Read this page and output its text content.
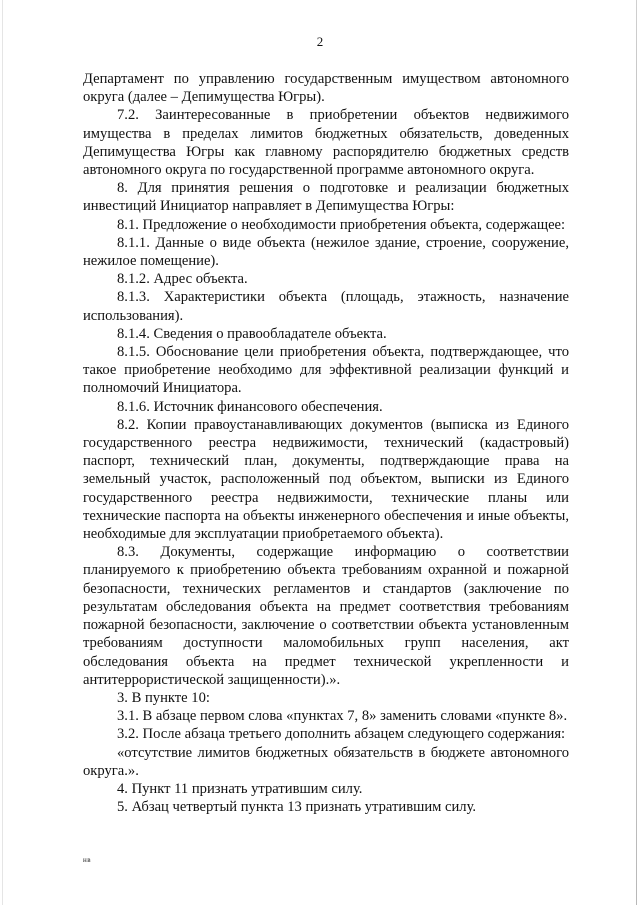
2

Департамент по управлению государственным имуществом автономного округа (далее – Депимущества Югры).

7.2. Заинтересованные в приобретении объектов недвижимого имущества в пределах лимитов бюджетных обязательств, доведенных Депимущества Югры как главному распорядителю бюджетных средств автономного округа по государственной программе автономного округа.

8. Для принятия решения о подготовке и реализации бюджетных инвестиций Инициатор направляет в Депимущества Югры:

8.1. Предложение о необходимости приобретения объекта, содержащее:

8.1.1. Данные о виде объекта (нежилое здание, строение, сооружение, нежилое помещение).

8.1.2. Адрес объекта.

8.1.3. Характеристики объекта (площадь, этажность, назначение использования).

8.1.4. Сведения о правообладателе объекта.

8.1.5. Обоснование цели приобретения объекта, подтверждающее, что такое приобретение необходимо для эффективной реализации функций и полномочий Инициатора.

8.1.6. Источник финансового обеспечения.

8.2. Копии правоустанавливающих документов (выписка из Единого государственного реестра недвижимости, технический (кадастровый) паспорт, технический план, документы, подтверждающие права на земельный участок, расположенный под объектом, выписки из Единого государственного реестра недвижимости, технические планы или технические паспорта на объекты инженерного обеспечения и иные объекты, необходимые для эксплуатации приобретаемого объекта).

8.3. Документы, содержащие информацию о соответствии планируемого к приобретению объекта требованиям охранной и пожарной безопасности, технических регламентов и стандартов (заключение по результатам обследования объекта на предмет соответствия требованиям пожарной безопасности, заключение о соответствии объекта установленным требованиям доступности маломобильных групп населения, акт обследования объекта на предмет технической укрепленности и антитеррористической защищенности).».

3. В пункте 10:

3.1. В абзаце первом слова «пунктах 7, 8» заменить словами «пункте 8».

3.2. После абзаца третьего дополнить абзацем следующего содержания:

«отсутствие лимитов бюджетных обязательств в бюджете автономного округа.».

4. Пункт 11 признать утратившим силу.

5. Абзац четвертый пункта 13 признать утратившим силу.

нв
